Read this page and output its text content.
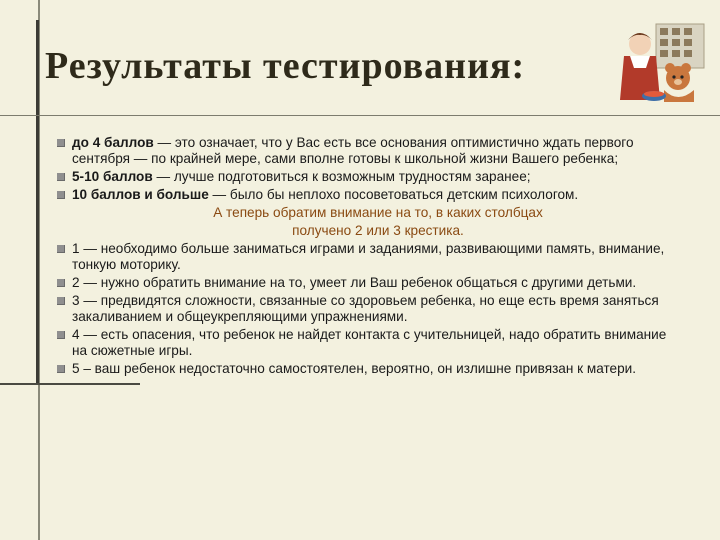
Результаты тестирования:
до 4 баллов — это означает, что у Вас есть все основания оптимистично ждать первого сентября — по крайней мере, сами вполне готовы к школьной жизни Вашего ребенка;
5-10 баллов — лучше подготовиться к возможным трудностям заранее;
10 баллов и больше — было бы неплохо посоветоваться детским психологом.
А теперь обратим внимание на то, в каких столбцах
получено 2 или 3 крестика.
1 — необходимо больше заниматься играми и заданиями, развивающими память, внимание, тонкую моторику.
2 — нужно обратить внимание на то, умеет ли Ваш ребенок общаться с другими детьми.
3 — предвидятся сложности, связанные со здоровьем ребенка, но еще есть время заняться закаливанием и общеукрепляющими упражнениями.
4 — есть опасения, что ребенок не найдет контакта с учительницей, надо обратить внимание на сюжетные игры.
5 – ваш ребенок недостаточно самостоятелен, вероятно, он излишне привязан к матери.
